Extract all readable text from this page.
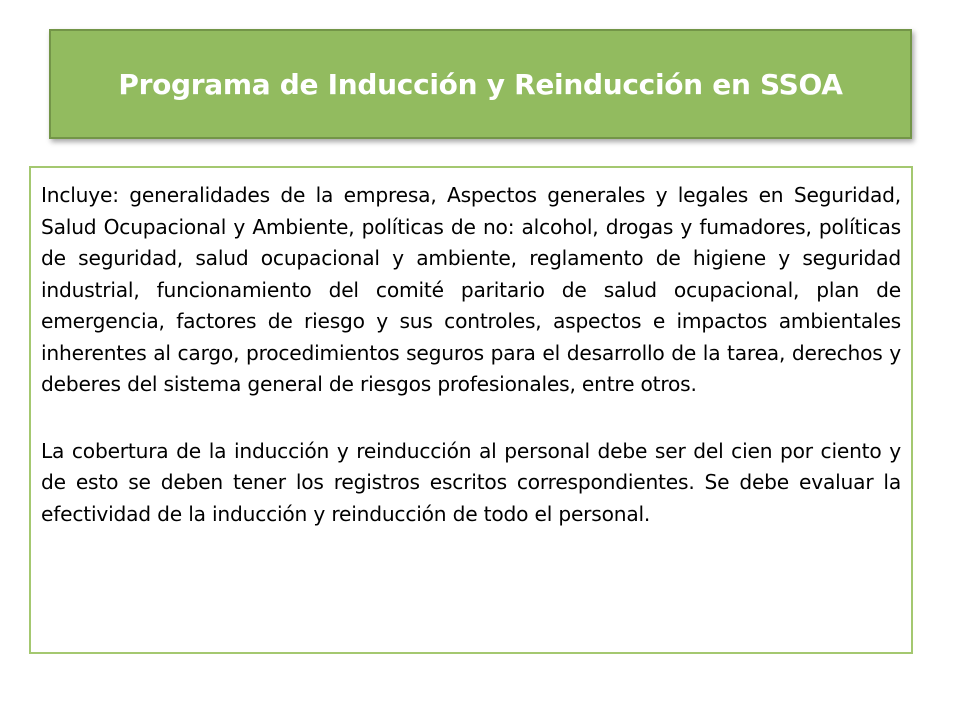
Programa de Inducción y Reinducción en SSOA

Incluye: generalidades de la empresa, Aspectos generales y legales en Seguridad, Salud Ocupacional y Ambiente, políticas de no: alcohol, drogas y fumadores, políticas de seguridad, salud ocupacional y ambiente, reglamento de higiene y seguridad industrial, funcionamiento del comité paritario de salud ocupacional, plan de emergencia, factores de riesgo y sus controles, aspectos e impactos ambientales inherentes al cargo, procedimientos seguros para el desarrollo de la tarea, derechos y deberes del sistema general de riesgos profesionales, entre otros.

La cobertura de la inducción y reinducción al personal debe ser del cien por ciento y de esto se deben tener los registros escritos correspondientes. Se debe evaluar la efectividad de la inducción y reinducción de todo el personal.
